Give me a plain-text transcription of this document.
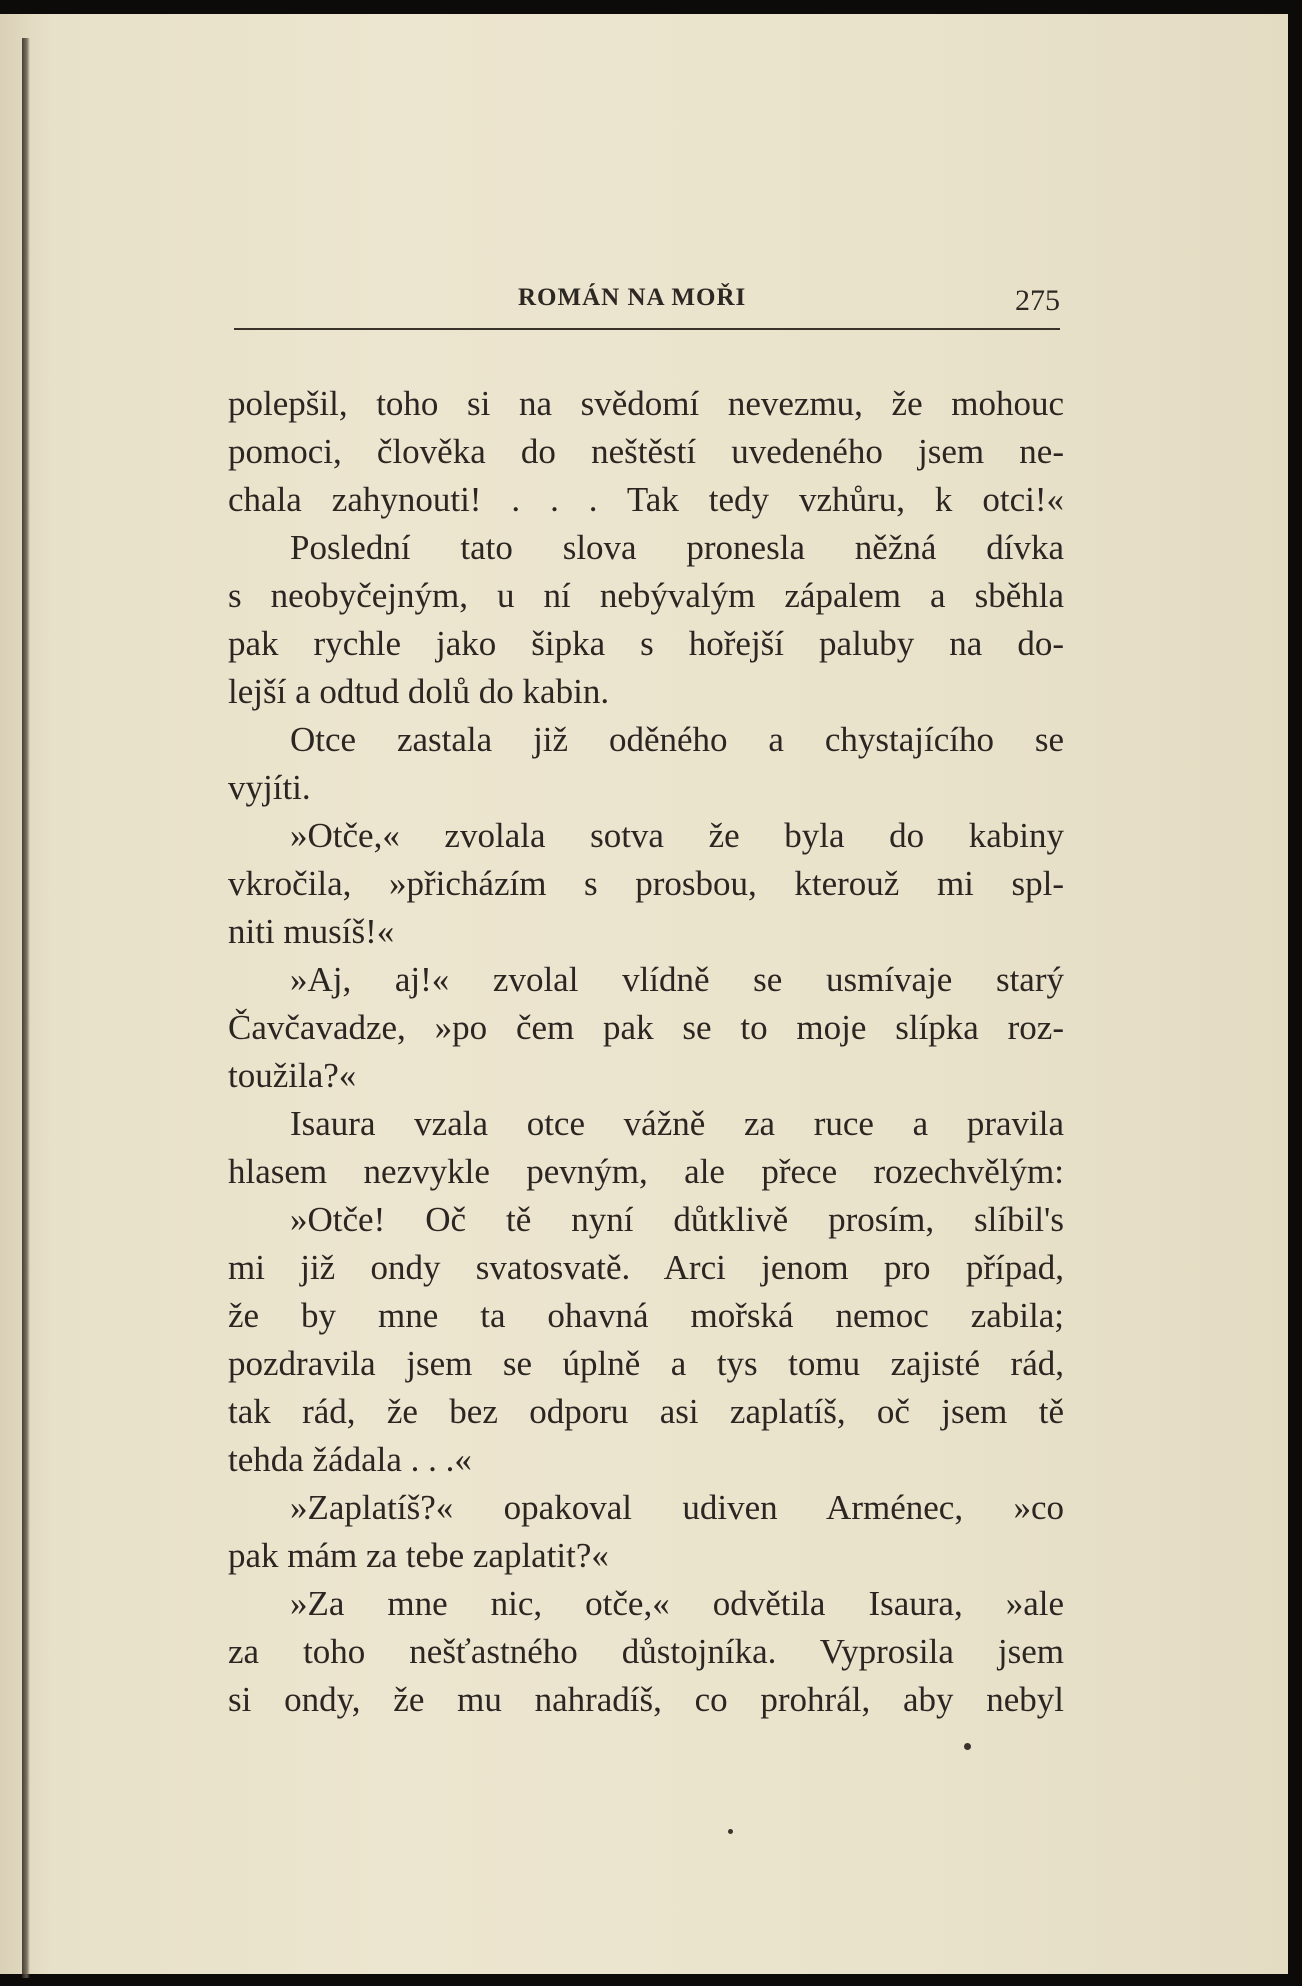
ROMÁN NA MOŘI	275
polepšil, toho si na svědomí nevezmu, že mohouc
pomoci, člověka do neštěstí uvedeného jsem ne-
chala zahynouti! . . . Tak tedy vzhůru, k otci!«
Poslední tato slova pronesla něžná dívka
s neobyčejným, u ní nebývalým zápalem a sběhla
pak rychle jako šipka s hořejší paluby na do-
lejší a odtud dolů do kabin.
Otce zastala již oděného a chystajícího se
vyjíti.
»Otče,« zvolala sotva že byla do kabiny
vkročila, »přicházím s prosbou, kterouž mi spl-
niti musíš!«
»Aj, aj!« zvolal vlídně se usmívaje starý
Čavčavadze, »po čem pak se to moje slípka roz-
toužila?«
Isaura vzala otce vážně za ruce a pravila
hlasem nezvykle pevným, ale přece rozechvělým:
»Otče! Oč tě nyní důtklivě prosím, slíbil's
mi již ondy svatosvatě. Arci jenom pro případ,
že by mne ta ohavná mořská nemoc zabila;
pozdravila jsem se úplně a tys tomu zajisté rád,
tak rád, že bez odporu asi zaplatíš, oč jsem tě
tehda žádala . . .«
»Zaplatíš?« opakoval udiven Arménec, »co
pak mám za tebe zaplatit?«
»Za mne nic, otče,« odvětila Isaura, »ale
za toho nešťastného důstojníka. Vyprosila jsem
si ondy, že mu nahradíš, co prohrál, aby nebyl
